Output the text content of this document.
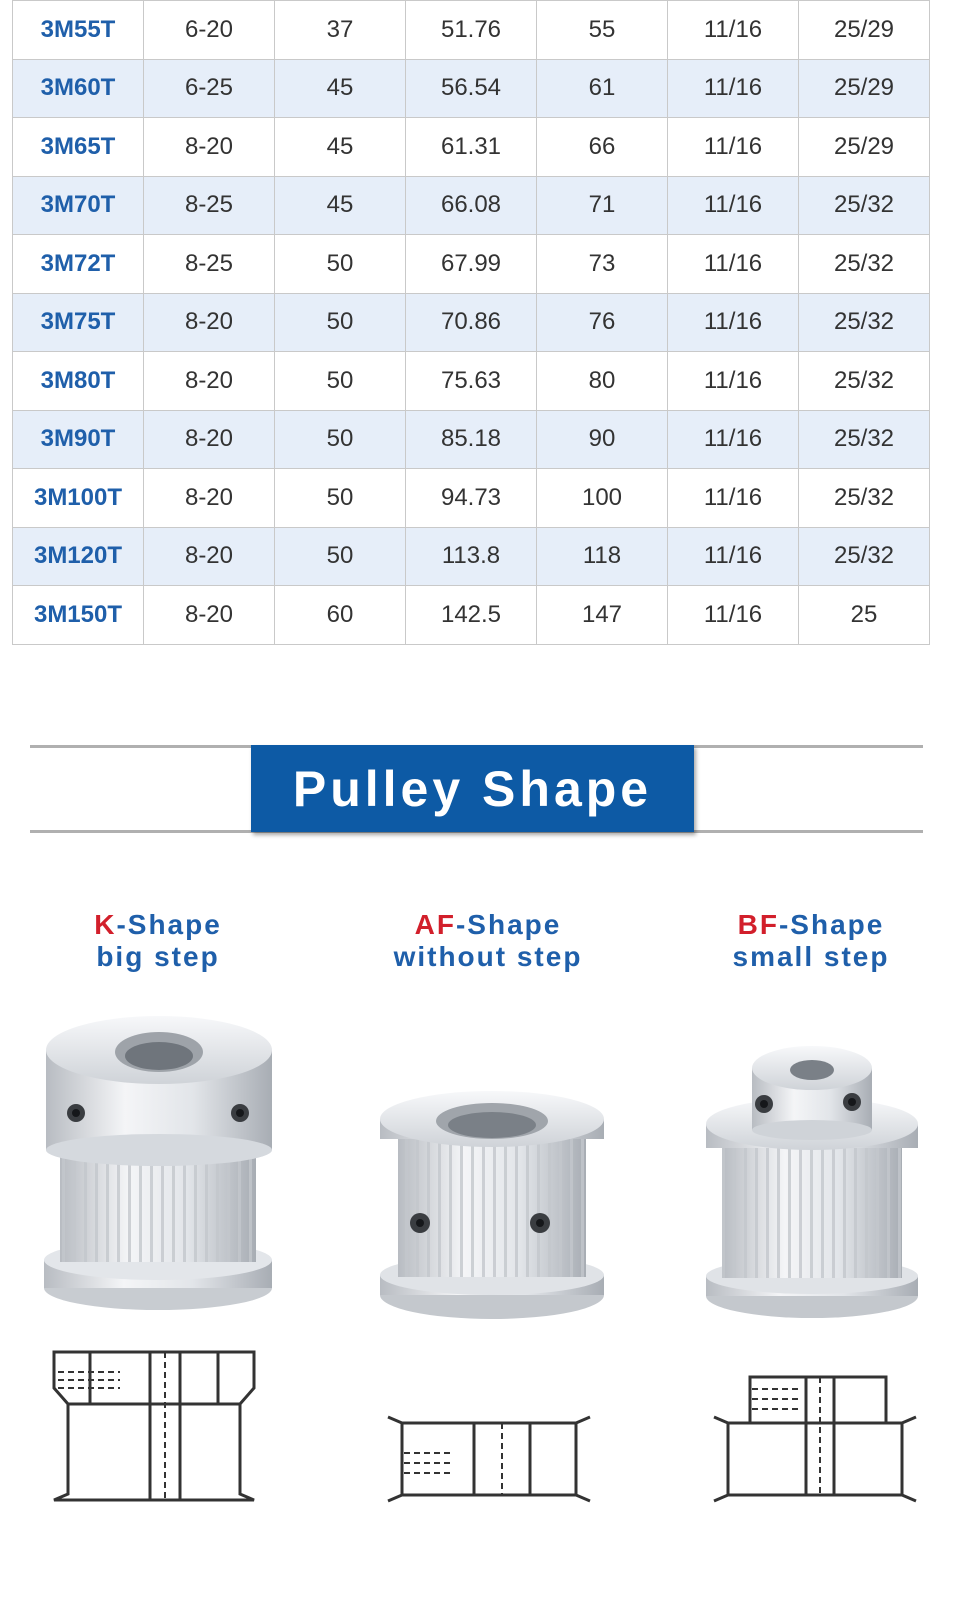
3M55T	6-20	37	51.76	55	11/16	25/29
3M60T	6-25	45	56.54	61	11/16	25/29
3M65T	8-20	45	61.31	66	11/16	25/29
3M70T	8-25	45	66.08	71	11/16	25/32
3M72T	8-25	50	67.99	73	11/16	25/32
3M75T	8-20	50	70.86	76	11/16	25/32
3M80T	8-20	50	75.63	80	11/16	25/32
3M90T	8-20	50	85.18	90	11/16	25/32
3M100T	8-20	50	94.73	100	11/16	25/32
3M120T	8-20	50	113.8	118	11/16	25/32
3M150T	8-20	60	142.5	147	11/16	25
Pulley Shape
K-Shape
big step
AF-Shape
without step
BF-Shape
small step
